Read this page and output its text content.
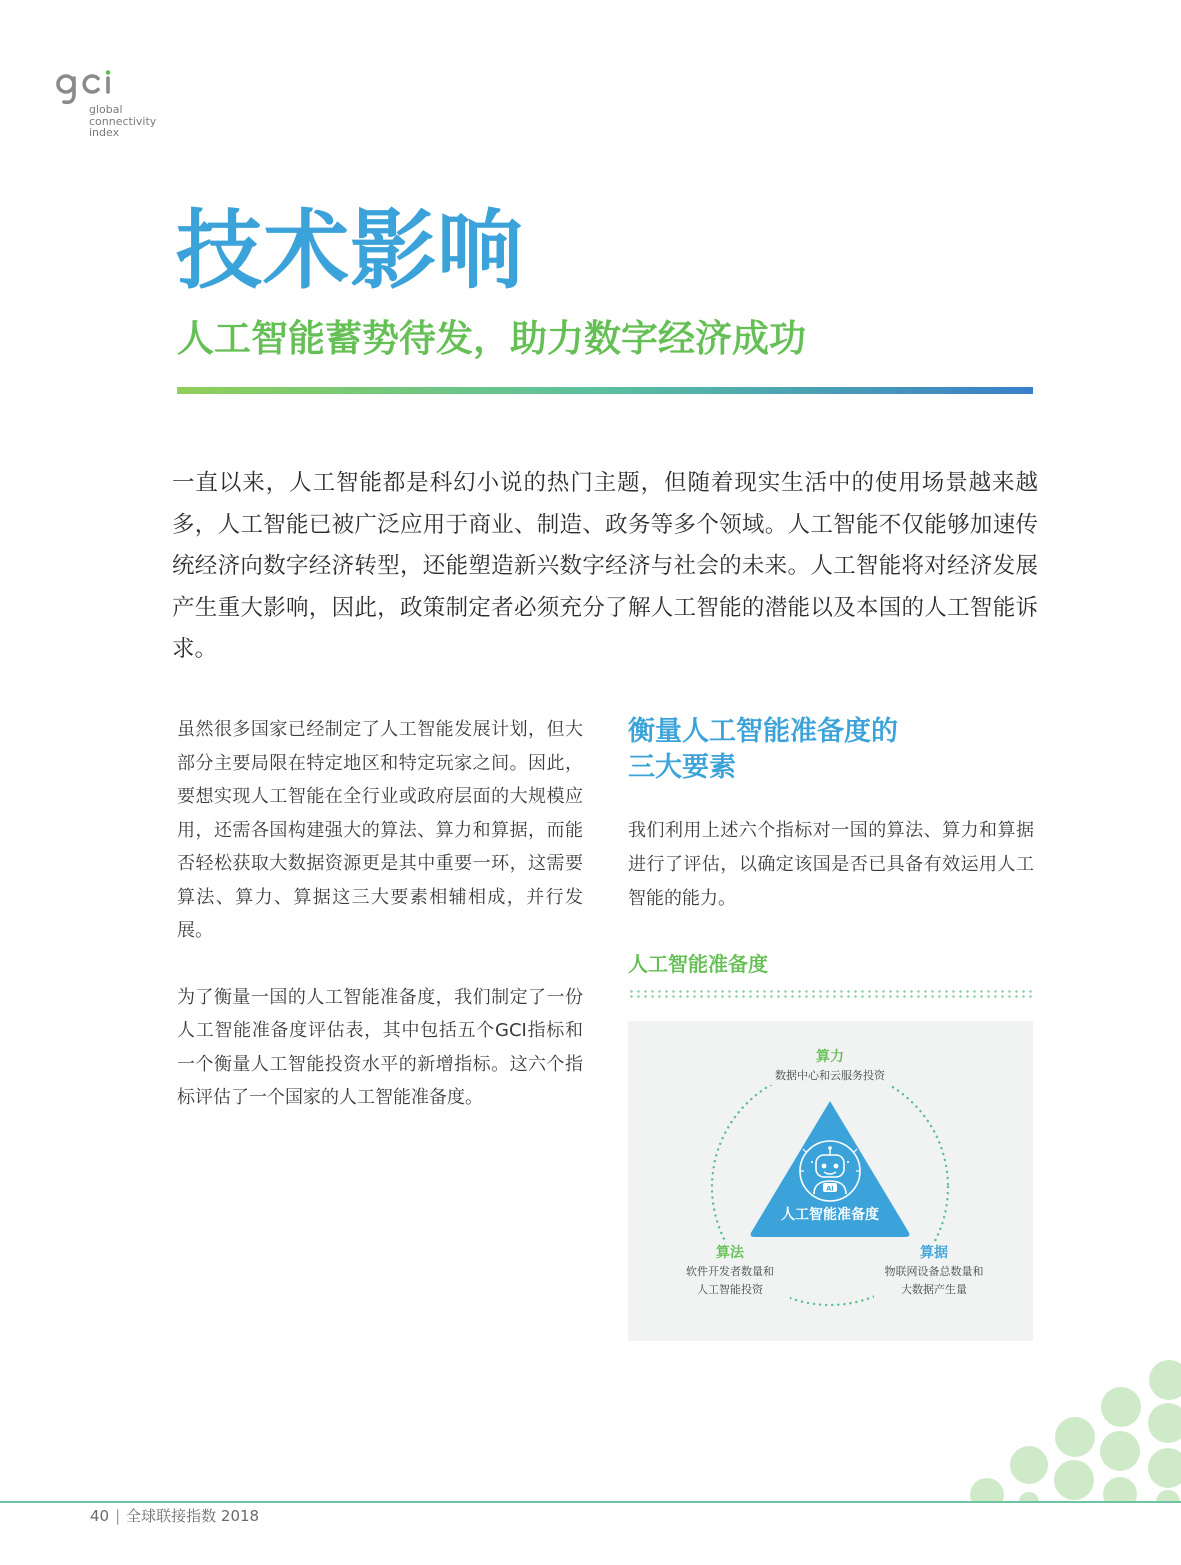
global
connectivity
index
技术影响
人工智能蓄势待发，助力数字经济成功

一直以来，人工智能都是科幻小说的热门主题，但随着现实生活中的使用场景越来越多，人工智能已被广泛应用于商业、制造、政务等多个领域。人工智能不仅能够加速传统经济向数字经济转型，还能塑造新兴数字经济与社会的未来。人工智能将对经济发展产生重大影响，因此，政策制定者必须充分了解人工智能的潜能以及本国的人工智能诉求。

虽然很多国家已经制定了人工智能发展计划，但大部分主要局限在特定地区和特定玩家之间。因此，要想实现人工智能在全行业或政府层面的大规模应用，还需各国构建强大的算法、算力和算据，而能否轻松获取大数据资源更是其中重要一环，这需要算法、算力、算据这三大要素相辅相成，并行发展。

为了衡量一国的人工智能准备度，我们制定了一份人工智能准备度评估表，其中包括五个GCI指标和一个衡量人工智能投资水平的新增指标。这六个指标评估了一个国家的人工智能准备度。

衡量人工智能准备度的
三大要素

我们利用上述六个指标对一国的算法、算力和算据进行了评估，以确定该国是否已具备有效运用人工智能的能力。

人工智能准备度
AI
人工智能准备度
算力
数据中心和云服务投资
算法
软件开发者数量和
人工智能投资
算据
物联网设备总数量和
大数据产生量
40 | 全球联接指数 2018
